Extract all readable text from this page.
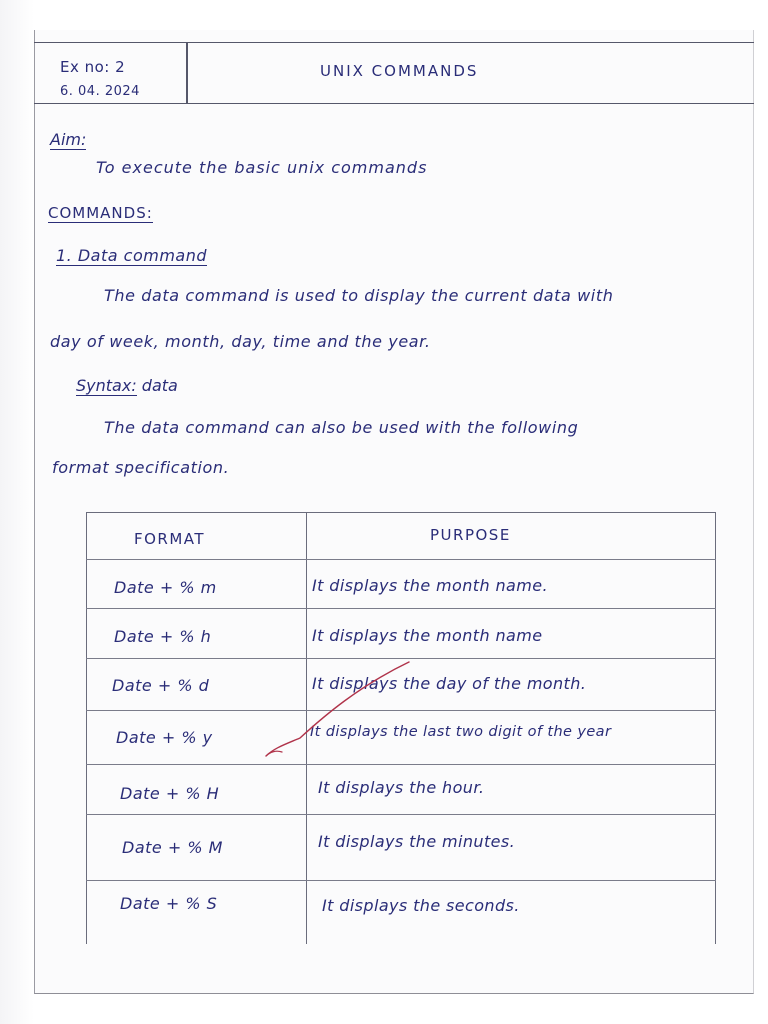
Ex no: 2
6. 04. 2024
UNIX COMMANDS
Aim:
To execute the basic unix commands
COMMANDS:
1. Data command
The data command is used to display the current data with
day of week, month, day, time and the year.
Syntax: data
The data command can also be used with the following
format specification.
FORMAT	PURPOSE
Date + % m	It displays the month name.
Date + % h	It displays the month name
Date + % d	It displays the day of the month.
Date + % y	It displays the last two digit of the year
Date + % H	It displays the hour.
Date + % M	It displays the minutes.
Date + % S	It displays the seconds.
